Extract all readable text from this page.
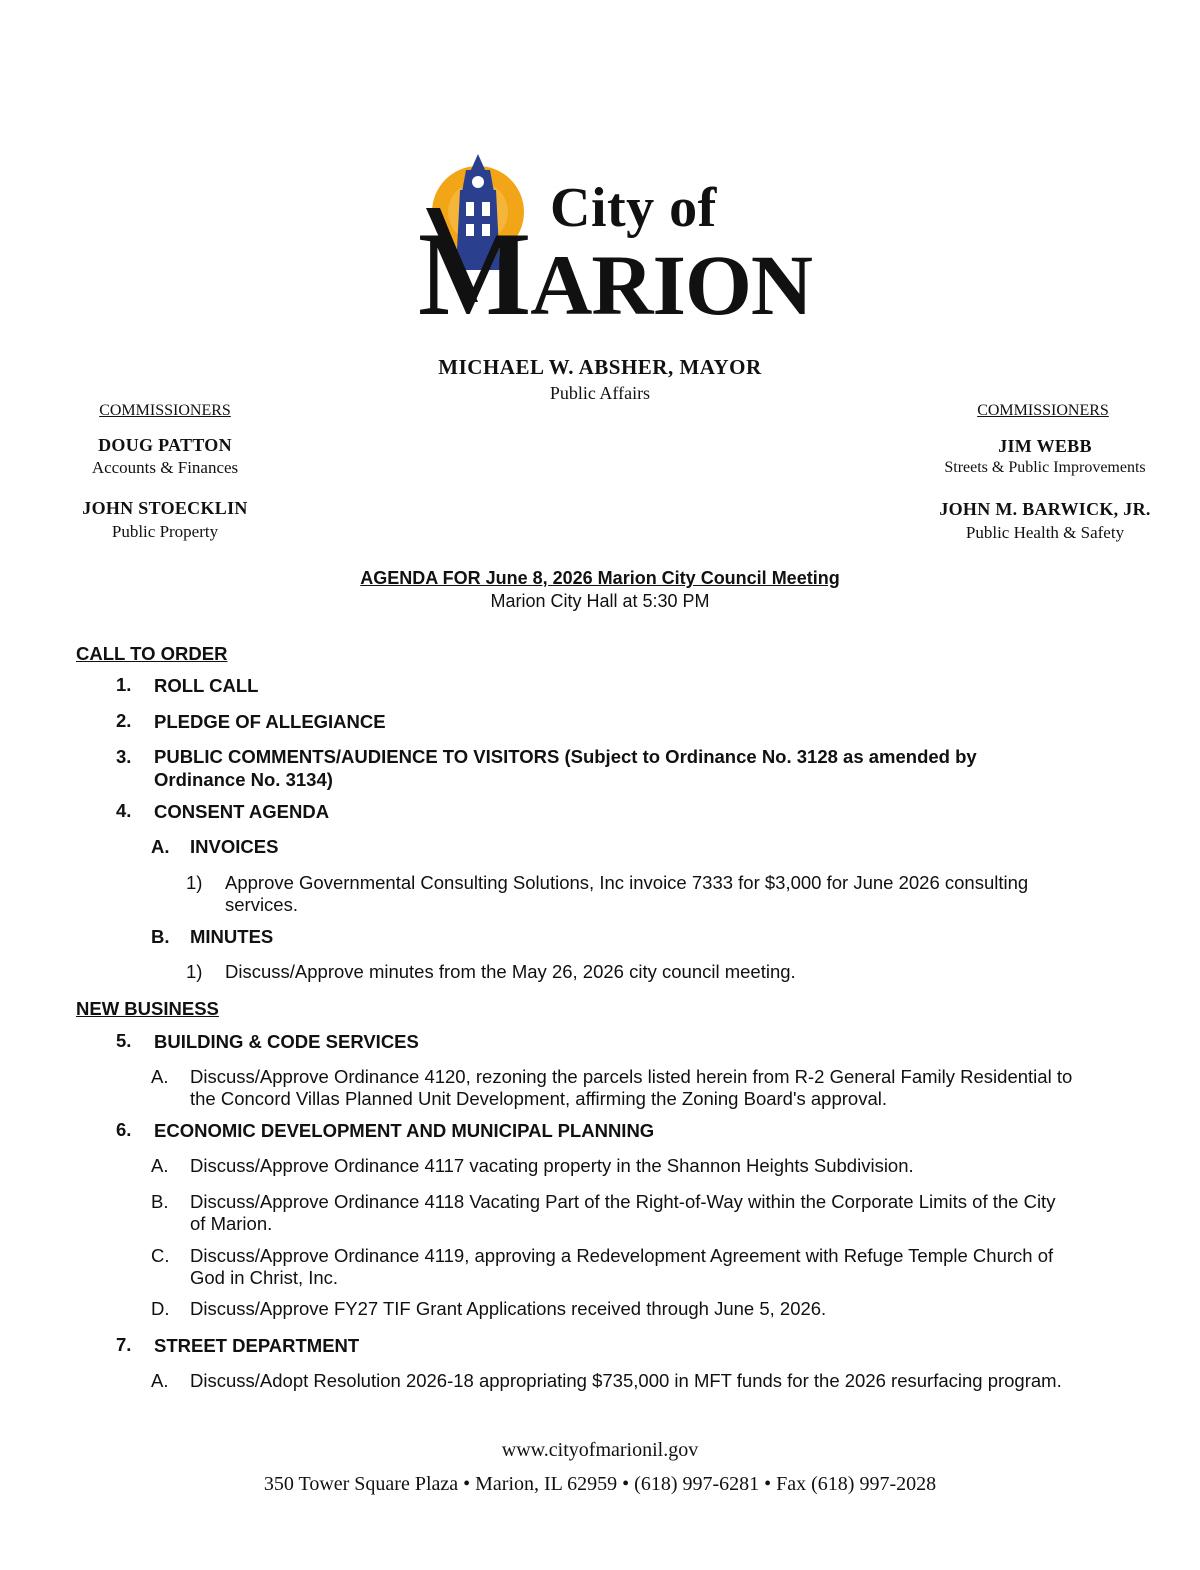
City of
MARION
MICHAEL W. ABSHER, MAYOR
Public Affairs
COMMISSIONERS
DOUG PATTON
Accounts & Finances
JOHN STOECKLIN
Public Property
COMMISSIONERS
JIM WEBB
Streets & Public Improvements
JOHN M. BARWICK, JR.
Public Health & Safety
AGENDA FOR June 8, 2026 Marion City Council Meeting
Marion City Hall at 5:30 PM
CALL TO ORDER
1. ROLL CALL
2. PLEDGE OF ALLEGIANCE
3. PUBLIC COMMENTS/AUDIENCE TO VISITORS (Subject to Ordinance No. 3128 as amended by
Ordinance No. 3134)
4. CONSENT AGENDA
A. INVOICES
1) Approve Governmental Consulting Solutions, Inc invoice 7333 for $3,000 for June 2026 consulting
services.
B. MINUTES
1) Discuss/Approve minutes from the May 26, 2026 city council meeting.
NEW BUSINESS
5. BUILDING & CODE SERVICES
A. Discuss/Approve Ordinance 4120, rezoning the parcels listed herein from R-2 General Family Residential to
the Concord Villas Planned Unit Development, affirming the Zoning Board's approval.
6. ECONOMIC DEVELOPMENT AND MUNICIPAL PLANNING
A. Discuss/Approve Ordinance 4117 vacating property in the Shannon Heights Subdivision.
B. Discuss/Approve Ordinance 4118 Vacating Part of the Right-of-Way within the Corporate Limits of the City
of Marion.
C. Discuss/Approve Ordinance 4119, approving a Redevelopment Agreement with Refuge Temple Church of
God in Christ, Inc.
D. Discuss/Approve FY27 TIF Grant Applications received through June 5, 2026.
7. STREET DEPARTMENT
A. Discuss/Adopt Resolution 2026-18 appropriating $735,000 in MFT funds for the 2026 resurfacing program.
www.cityofmarionil.gov
350 Tower Square Plaza • Marion, IL 62959 • (618) 997-6281 • Fax (618) 997-2028
